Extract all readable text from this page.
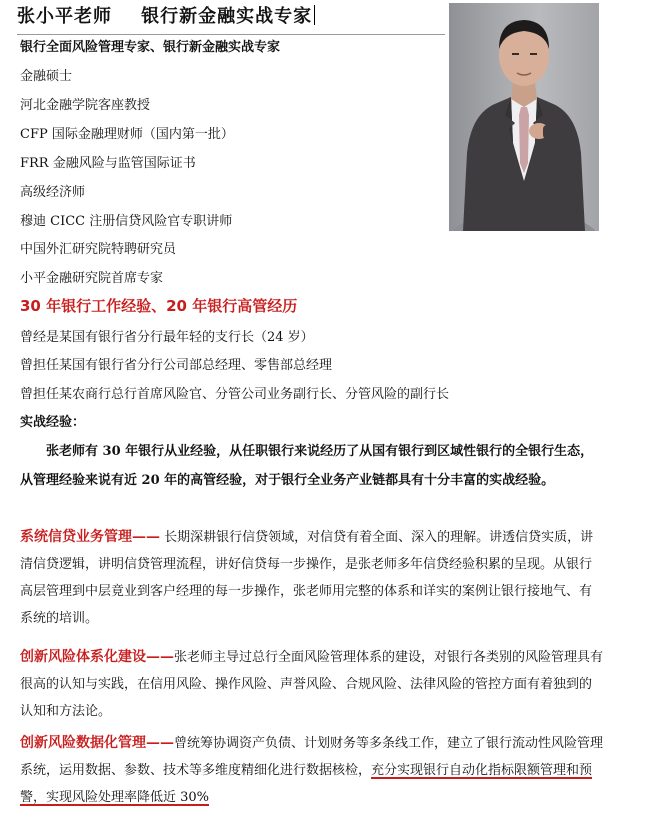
张小平老师    银行新金融实战专家
银行全面风险管理专家、银行新金融实战专家
金融硕士
河北金融学院客座教授
CFP 国际金融理财师（国内第一批）
FRR 金融风险与监管国际证书
高级经济师
穆迪 CICC 注册信贷风险官专职讲师
中国外汇研究院特聘研究员
小平金融研究院首席专家
30 年银行工作经验、20 年银行高管经历
曾经是某国有银行省分行最年轻的支行长（24 岁）
曾担任某国有银行省分行公司部总经理、零售部总经理
曾担任某农商行总行首席风险官、分管公司业务副行长、分管风险的副行长
实战经验：
张老师有 30 年银行从业经验，从任职银行来说经历了从国有银行到区域性银行的全银行生态，从管理经验来说有近 20 年的高管经验，对于银行全业务产业链都具有十分丰富的实战经验。
系统信贷业务管理—— 长期深耕银行信贷领域，对信贷有着全面、深入的理解。讲透信贷实质，讲清信贷逻辑，讲明信贷管理流程，讲好信贷每一步操作，是张老师多年信贷经验积累的呈现。从银行高层管理到中层竟业到客户经理的每一步操作，张老师用完整的体系和详实的案例让银行接地气、有系统的培训。
创新风险体系化建设——张老师主导过总行全面风险管理体系的建设，对银行各类别的风险管理具有很高的认知与实践，在信用风险、操作风险、声誉风险、合规风险、法律风险的管控方面有着独到的认知和方法论。
创新风险数据化管理——曾统筹协调资产负债、计划财务等多条线工作，建立了银行流动性风险管理系统，运用数据、参数、技术等多维度精细化进行数据核检，充分实现银行自动化指标限额管理和预警，实现风险处理率降低近 30%
